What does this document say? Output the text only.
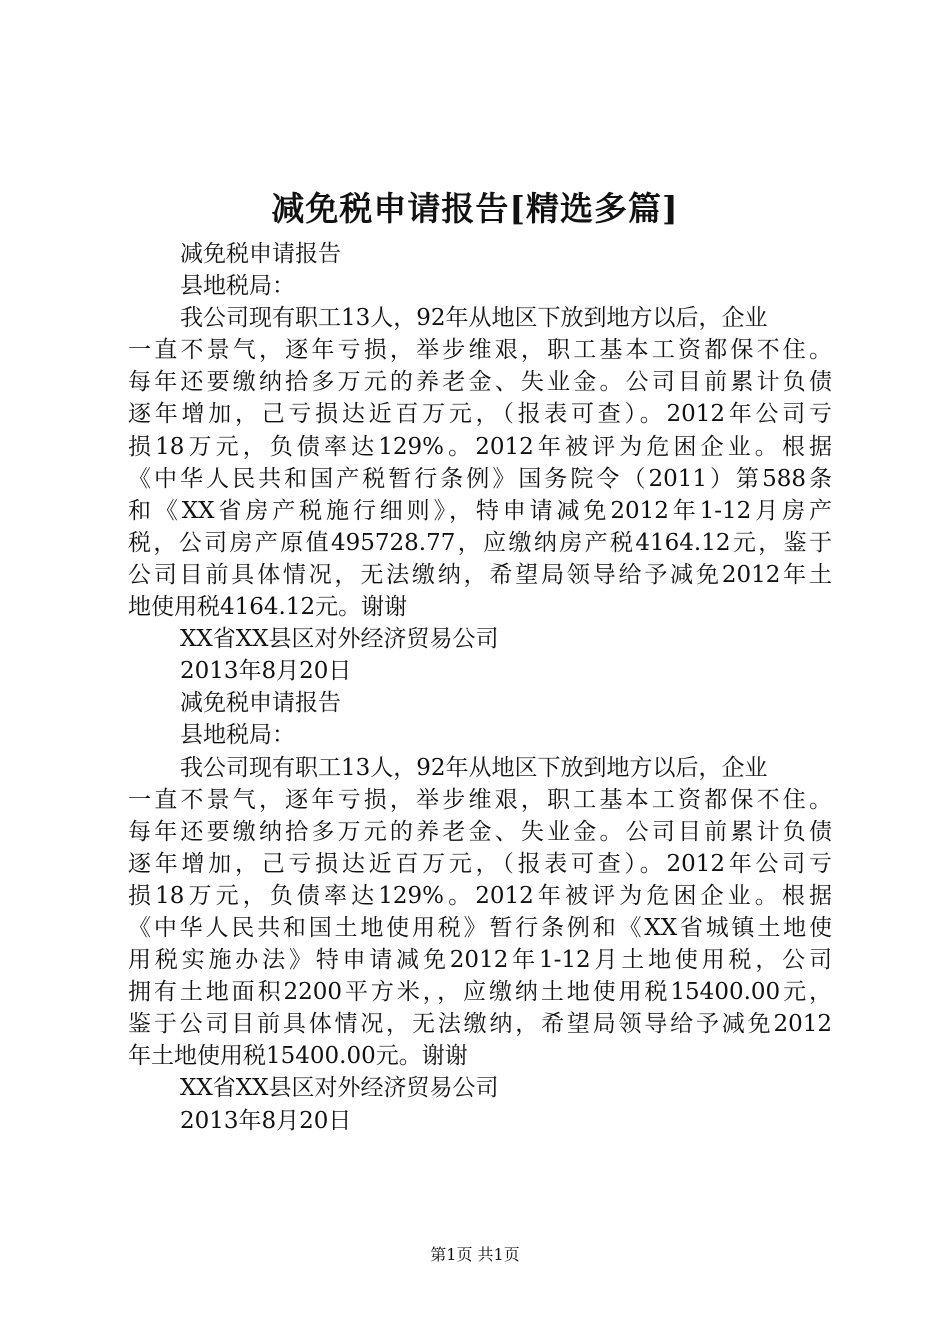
减免税申请报告[精选多篇]

减免税申请报告

县地税局：

我公司现有职工13人，92年从地区下放到地方以后，企业

一直不景气，逐年亏损，举步维艰，职工基本工资都保不住。

每年还要缴纳拾多万元的养老金、失业金。公司目前累计负债

逐年增加，己亏损达近百万元，（报表可查）。2012年公司亏

损18万元，负债率达129%。2012年被评为危困企业。根据

《中华人民共和国产税暂行条例》国务院令（2011）第588条

和《XX省房产税施行细则》，特申请减免2012年1-12月房产

税，公司房产原值495728.77，应缴纳房产税4164.12元，鉴于

公司目前具体情况，无法缴纳，希望局领导给予减免2012年土

地使用税4164.12元。谢谢

XX省XX县区对外经济贸易公司

2013年8月20日

减免税申请报告

县地税局：

我公司现有职工13人，92年从地区下放到地方以后，企业

一直不景气，逐年亏损，举步维艰，职工基本工资都保不住。

每年还要缴纳拾多万元的养老金、失业金。公司目前累计负债

逐年增加，己亏损达近百万元，（报表可查）。2012年公司亏

损18万元，负债率达129%。2012年被评为危困企业。根据

《中华人民共和国土地使用税》暂行条例和《XX省城镇土地使

用税实施办法》特申请减免2012年1-12月土地使用税，公司

拥有土地面积2200平方米，，应缴纳土地使用税15400.00元，

鉴于公司目前具体情况，无法缴纳，希望局领导给予减免2012

年土地使用税15400.00元。谢谢

XX省XX县区对外经济贸易公司

2013年8月20日

第1页 共1页
